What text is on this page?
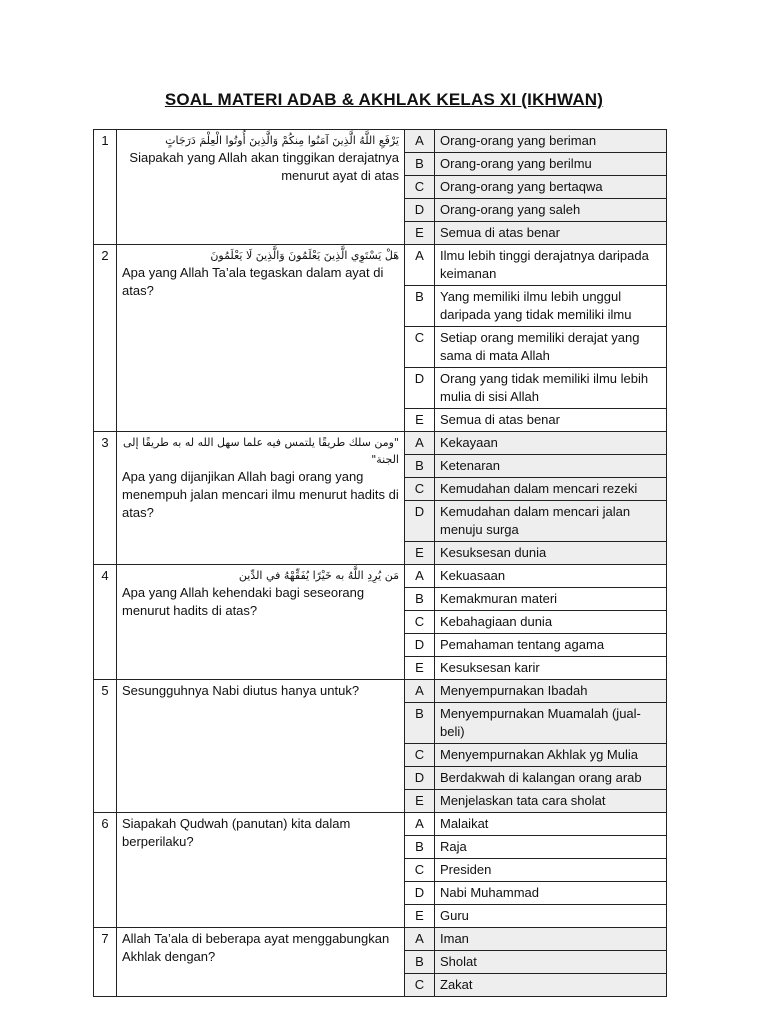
SOAL MATERI ADAB & AKHLAK KELAS XI (IKHWAN)
1	يَرْفَعِ اللَّهُ الَّذِينَ آمَنُوا مِنكُمْ وَالَّذِينَ أُوتُوا الْعِلْمَ دَرَجَاتٍ
Siapakah yang Allah akan tinggikan derajatnya menurut ayat di atas	A	Orang-orang yang beriman
		B	Orang-orang yang berilmu
		C	Orang-orang yang bertaqwa
		D	Orang-orang yang saleh
		E	Semua di atas benar
2	هَلْ يَسْتَوِي الَّذِينَ يَعْلَمُونَ وَالَّذِينَ لَا يَعْلَمُونَ
Apa yang Allah Ta’ala tegaskan dalam ayat di atas?	A	Ilmu lebih tinggi derajatnya daripada keimanan
		B	Yang memiliki ilmu lebih unggul daripada yang tidak memiliki ilmu
		C	Setiap orang memiliki derajat yang sama di mata Allah
		D	Orang yang tidak memiliki ilmu lebih mulia di sisi Allah
		E	Semua di atas benar
3	"ومن سلك طريقًا يلتمس فيه علما سهل الله له به طريقًا إلى الجنة"
Apa yang dijanjikan Allah bagi orang yang menempuh jalan mencari ilmu menurut hadits di atas?	A	Kekayaan
		B	Ketenaran
		C	Kemudahan dalam mencari rezeki
		D	Kemudahan dalam mencari jalan menuju surga
		E	Kesuksesan dunia
4	مَن يُرِدِ اللَّهُ به خَيْرًا يُفَقِّهْهُ في الدِّين
Apa yang Allah kehendaki bagi seseorang menurut hadits di atas?	A	Kekuasaan
		B	Kemakmuran materi
		C	Kebahagiaan dunia
		D	Pemahaman tentang agama
		E	Kesuksesan karir
5	Sesungguhnya Nabi diutus hanya untuk?	A	Menyempurnakan Ibadah
		B	Menyempurnakan Muamalah (jual-beli)
		C	Menyempurnakan Akhlak yg Mulia
		D	Berdakwah di kalangan orang arab
		E	Menjelaskan tata cara sholat
6	Siapakah Qudwah (panutan) kita dalam berperilaku?	A	Malaikat
		B	Raja
		C	Presiden
		D	Nabi Muhammad
		E	Guru
7	Allah Ta’ala di beberapa ayat menggabungkan Akhlak dengan?	A	Iman
		B	Sholat
		C	Zakat
